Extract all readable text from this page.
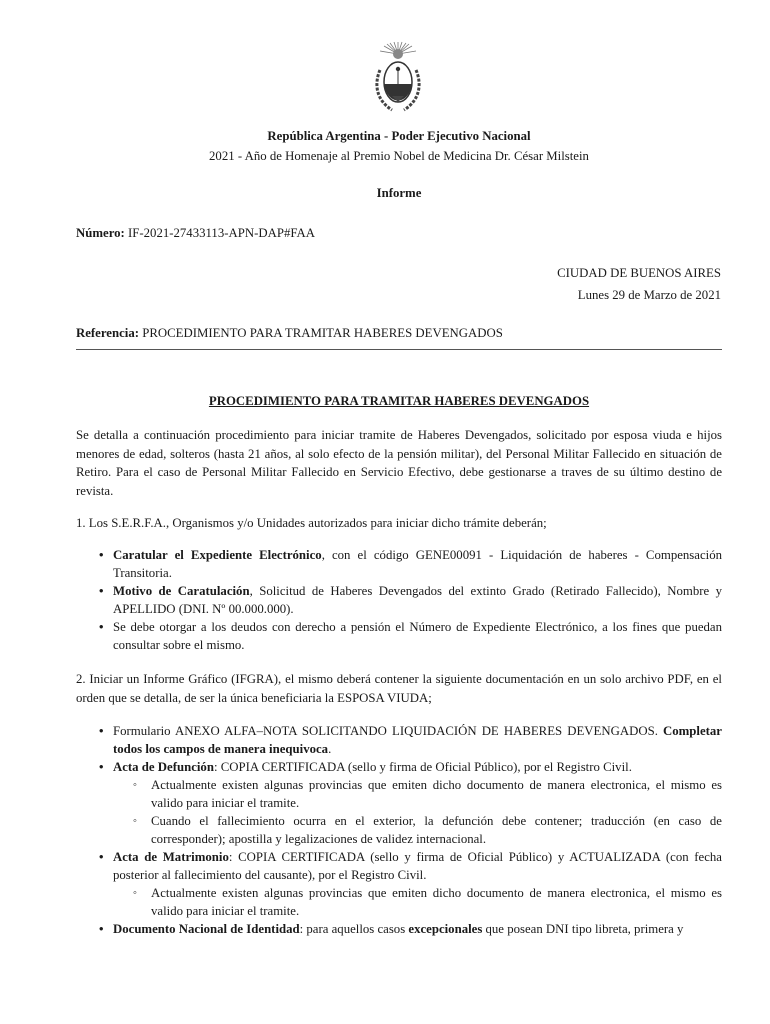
República Argentina - Poder Ejecutivo Nacional
2021 - Año de Homenaje al Premio Nobel de Medicina Dr. César Milstein
Informe
Número: IF-2021-27433113-APN-DAP#FAA
CIUDAD DE BUENOS AIRES
Lunes 29 de Marzo de 2021
Referencia: PROCEDIMIENTO PARA TRAMITAR HABERES DEVENGADOS
PROCEDIMIENTO PARA TRAMITAR HABERES DEVENGADOS

Se detalla a continuación procedimiento para iniciar tramite de Haberes Devengados, solicitado por esposa viuda e hijos menores de edad, solteros (hasta 21 años, al solo efecto de la pensión militar), del Personal Militar Fallecido en situación de Retiro. Para el caso de Personal Militar Fallecido en Servicio Efectivo, debe gestionarse a traves de su último destino de revista.

1. Los S.E.R.F.A., Organismos y/o Unidades autorizados para iniciar dicho trámite deberán;

• Caratular el Expediente Electrónico, con el código GENE00091 - Liquidación de haberes - Compensación Transitoria.
• Motivo de Caratulación, Solicitud de Haberes Devengados del extinto Grado (Retirado Fallecido), Nombre y APELLIDO (DNI. Nº 00.000.000).
• Se debe otorgar a los deudos con derecho a pensión el Número de Expediente Electrónico, a los fines que puedan consultar sobre el mismo.

2. Iniciar un Informe Gráfico (IFGRA), el mismo deberá contener la siguiente documentación en un solo archivo PDF, en el orden que se detalla, de ser la única beneficiaria la ESPOSA VIUDA;

• Formulario ANEXO ALFA–NOTA SOLICITANDO LIQUIDACIÓN DE HABERES DEVENGADOS. Completar todos los campos de manera inequivoca.
• Acta de Defunción: COPIA CERTIFICADA (sello y firma de Oficial Público), por el Registro Civil.
◦ Actualmente existen algunas provincias que emiten dicho documento de manera electronica, el mismo es valido para iniciar el tramite.
◦ Cuando el fallecimiento ocurra en el exterior, la defunción debe contener; traducción (en caso de corresponder); apostilla y legalizaciones de validez internacional.
• Acta de Matrimonio: COPIA CERTIFICADA (sello y firma de Oficial Público) y ACTUALIZADA (con fecha posterior al fallecimiento del causante), por el Registro Civil.
◦ Actualmente existen algunas provincias que emiten dicho documento de manera electronica, el mismo es valido para iniciar el tramite.
• Documento Nacional de Identidad: para aquellos casos excepcionales que posean DNI tipo libreta, primera y
